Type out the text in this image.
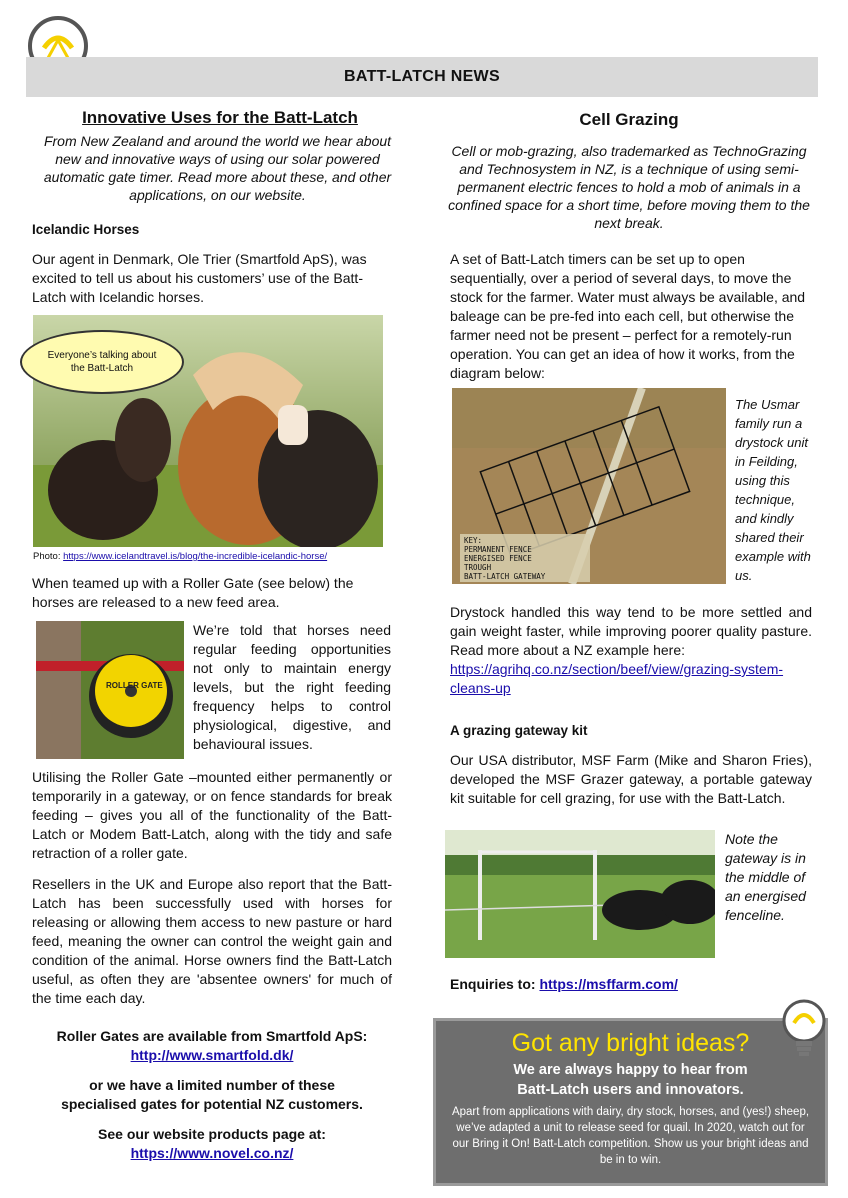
BATT-LATCH NEWS
Innovative Uses for the Batt-Latch
From New Zealand and around the world we hear about new and innovative ways of using our solar powered automatic gate timer. Read more about these, and other applications, on our website.
Icelandic Horses
Our agent in Denmark, Ole Trier (Smartfold ApS), was excited to tell us about his customers’ use of the Batt-Latch with Icelandic horses.
Everyone’s talking about the Batt-Latch
Photo: https://www.icelandtravel.is/blog/the-incredible-icelandic-horse/
When teamed up with a Roller Gate (see below) the horses are released to a new feed area.
ROLLER GATE
We’re told that horses need regular feeding opportunities not only to maintain energy levels, but the right feeding frequency helps to control physiological, digestive, and behavioural issues.
Utilising the Roller Gate –mounted either permanently or temporarily in a gateway, or on fence standards for break feeding – gives you all of the functionality of the Batt-Latch or Modem Batt-Latch, along with the tidy and safe retraction of a roller gate.
Resellers in the UK and Europe also report that the Batt-Latch has been successfully used with horses for releasing or allowing them access to new pasture or hard feed, meaning the owner can control the weight gain and condition of the animal. Horse owners find the Batt-Latch useful, as often they are 'absentee owners' for much of the time each day.
Roller Gates are available from Smartfold ApS:
http://www.smartfold.dk/
or we have a limited number of these specialised gates for potential NZ customers.
See our website products page at:
https://www.novel.co.nz/
Cell Grazing
Cell or mob-grazing, also trademarked as TechnoGrazing and Technosystem in NZ, is a technique of using semi-permanent electric fences to hold a mob of animals in a confined space for a short time, before moving them to the next break.
A set of Batt-Latch timers can be set up to open sequentially, over a period of several days, to move the stock for the farmer. Water must always be available, and baleage can be pre-fed into each cell, but otherwise the farmer need not be present – perfect for a remotely-run operation. You can get an idea of how it works, from the diagram below:
KEY:
PERMANENT FENCE
ENERGISED FENCE
TROUGH
BATT-LATCH GATEWAY
The Usmar family run a drystock unit in Feilding, using this technique, and kindly shared their example with us.
Drystock handled this way tend to be more settled and gain weight faster, while improving poorer quality pasture. Read more about a NZ example here:
https://agrihq.co.nz/section/beef/view/grazing-system-cleans-up
A grazing gateway kit
Our USA distributor, MSF Farm (Mike and Sharon Fries), developed the MSF Grazer gateway, a portable gateway kit suitable for cell grazing, for use with the Batt-Latch.
Note the gateway is in the middle of an energised fenceline.
Enquiries to: https://msffarm.com/
Got any bright ideas?
We are always happy to hear from Batt-Latch users and innovators.
Apart from applications with dairy, dry stock, horses, and (yes!) sheep, we’ve adapted a unit to release seed for quail. In 2020, watch out for our Bring it On! Batt-Latch competition. Show us your bright ideas and be in to win.
